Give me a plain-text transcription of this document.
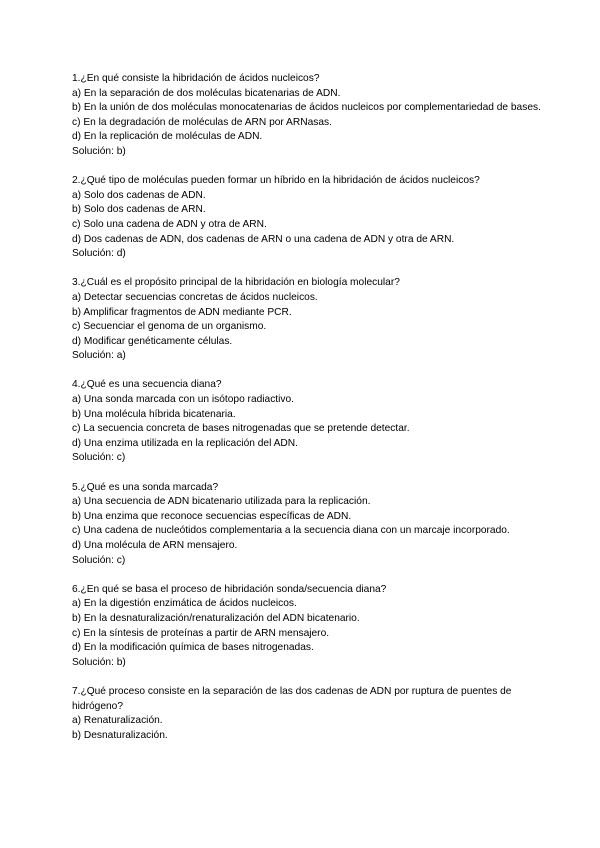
1.¿En qué consiste la hibridación de ácidos nucleicos?
a) En la separación de dos moléculas bicatenarias de ADN.
b) En la unión de dos moléculas monocatenarias de ácidos nucleicos por complementariedad de bases.
c) En la degradación de moléculas de ARN por ARNasas.
d) En la replicación de moléculas de ADN.
Solución: b)
2.¿Qué tipo de moléculas pueden formar un híbrido en la hibridación de ácidos nucleicos?
a) Solo dos cadenas de ADN.
b) Solo dos cadenas de ARN.
c) Solo una cadena de ADN y otra de ARN.
d) Dos cadenas de ADN, dos cadenas de ARN o una cadena de ADN y otra de ARN.
Solución: d)
3.¿Cuál es el propósito principal de la hibridación en biología molecular?
a) Detectar secuencias concretas de ácidos nucleicos.
b) Amplificar fragmentos de ADN mediante PCR.
c) Secuenciar el genoma de un organismo.
d) Modificar genéticamente células.
Solución: a)
4.¿Qué es una secuencia diana?
a) Una sonda marcada con un isótopo radiactivo.
b) Una molécula híbrida bicatenaria.
c) La secuencia concreta de bases nitrogenadas que se pretende detectar.
d) Una enzima utilizada en la replicación del ADN.
Solución: c)
5.¿Qué es una sonda marcada?
a) Una secuencia de ADN bicatenario utilizada para la replicación.
b) Una enzima que reconoce secuencias específicas de ADN.
c) Una cadena de nucleótidos complementaria a la secuencia diana con un marcaje incorporado.
d) Una molécula de ARN mensajero.
Solución: c)
6.¿En qué se basa el proceso de hibridación sonda/secuencia diana?
a) En la digestión enzimática de ácidos nucleicos.
b) En la desnaturalización/renaturalización del ADN bicatenario.
c) En la síntesis de proteínas a partir de ARN mensajero.
d) En la modificación química de bases nitrogenadas.
Solución: b)
7.¿Qué proceso consiste en la separación de las dos cadenas de ADN por ruptura de puentes de hidrógeno?
a) Renaturalización.
b) Desnaturalización.
